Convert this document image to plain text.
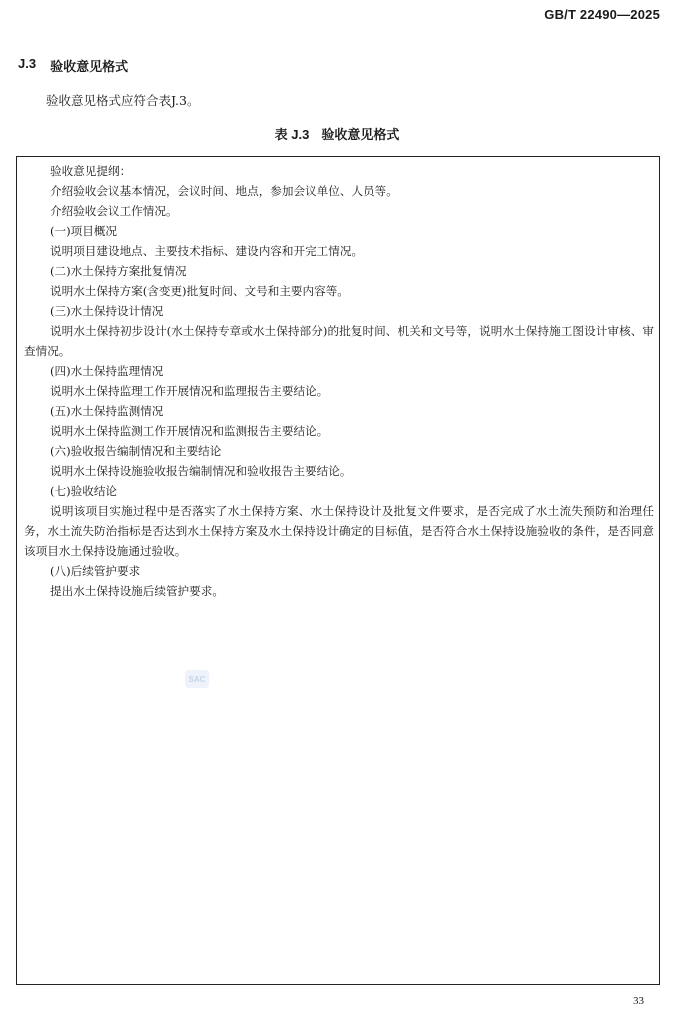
GB/T 22490—2025
J.3 验收意见格式
验收意见格式应符合表J.3。
表 J.3 验收意见格式

验收意见提纲：

介绍验收会议基本情况，会议时间、地点，参加会议单位、人员等。

介绍验收会议工作情况。

(一)项目概况

说明项目建设地点、主要技术指标、建设内容和开完工情况。

(二)水土保持方案批复情况

说明水土保持方案(含变更)批复时间、文号和主要内容等。

(三)水土保持设计情况

说明水土保持初步设计(水土保持专章或水土保持部分)的批复时间、机关和文号等，说明水土保持施工图设计审核、审查情况。

(四)水土保持监理情况

说明水土保持监理工作开展情况和监理报告主要结论。

(五)水土保持监测情况

说明水土保持监测工作开展情况和监测报告主要结论。

(六)验收报告编制情况和主要结论

说明水土保持设施验收报告编制情况和验收报告主要结论。

(七)验收结论

说明该项目实施过程中是否落实了水土保持方案、水土保持设计及批复文件要求，是否完成了水土流失预防和治理任务，水土流失防治指标是否达到水土保持方案及水土保持设计确定的目标值，是否符合水土保持设施验收的条件，是否同意该项目水土保持设施通过验收。

(八)后续管护要求

提出水土保持设施后续管护要求。

SAC
33
